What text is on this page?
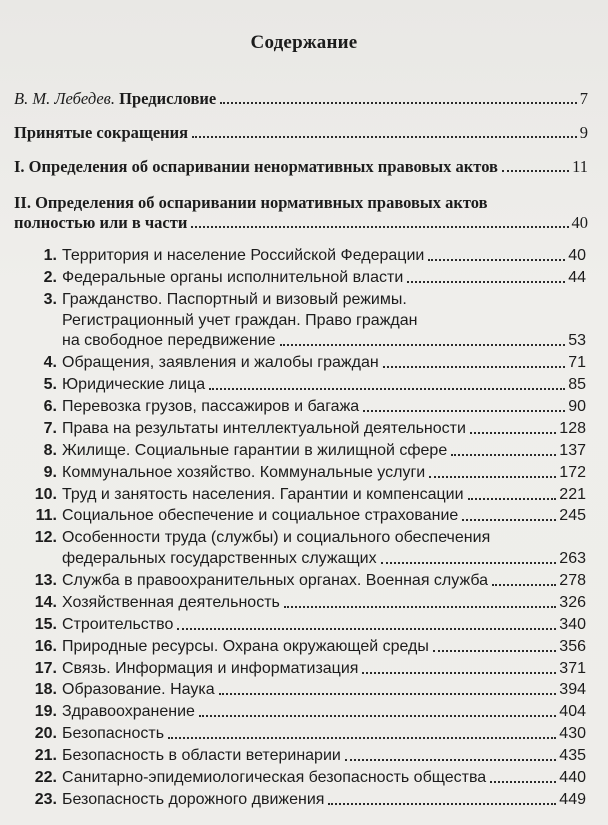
Содержание
В. М. Лебедев. Предисловие	7
Принятые сокращения	9
I. Определения об оспаривании ненормативных правовых актов	11
II. Определения об оспаривании нормативных правовых актов
полностью или в части	40
1. Территория и население Российской Федерации	40
2. Федеральные органы исполнительной власти	44
3. Гражданство. Паспортный и визовый режимы.
Регистрационный учет граждан. Право граждан
на свободное передвижение	53
4. Обращения, заявления и жалобы граждан	71
5. Юридические лица	85
6. Перевозка грузов, пассажиров и багажа	90
7. Права на результаты интеллектуальной деятельности	128
8. Жилище. Социальные гарантии в жилищной сфере	137
9. Коммунальное хозяйство. Коммунальные услуги	172
10. Труд и занятость населения. Гарантии и компенсации	221
11. Социальное обеспечение и социальное страхование	245
12. Особенности труда (службы) и социального обеспечения
федеральных государственных служащих	263
13. Служба в правоохранительных органах. Военная служба	278
14. Хозяйственная деятельность	326
15. Строительство	340
16. Природные ресурсы. Охрана окружающей среды	356
17. Связь. Информация и информатизация	371
18. Образование. Наука	394
19. Здравоохранение	404
20. Безопасность	430
21. Безопасность в области ветеринарии	435
22. Санитарно-эпидемиологическая безопасность общества	440
23. Безопасность дорожного движения	449
